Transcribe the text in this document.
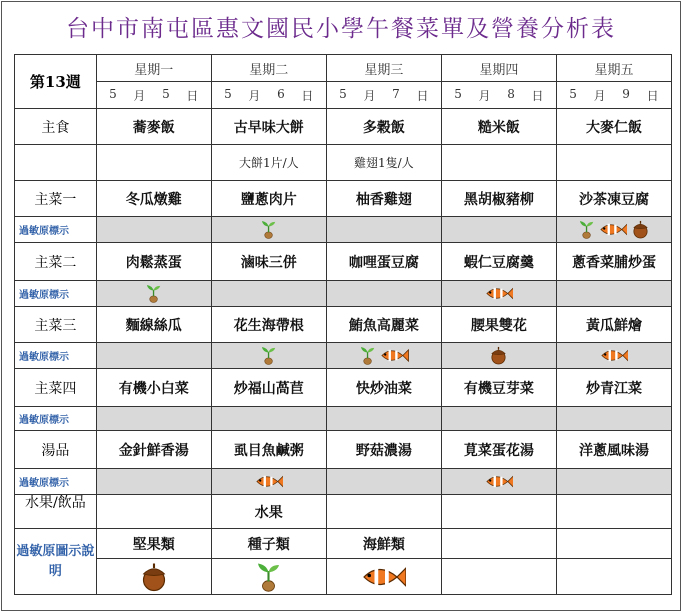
台中市南屯區惠文國民小學午餐菜單及營養分析表
第13週	星期一	星期二	星期三	星期四	星期五

	5 月 5 日	5 月 6 日	5 月 7 日	5 月 8 日	5 月 9 日

主食	蕎麥飯	古早味大餅	多穀飯	糙米飯	大麥仁飯
		大餅1片/人	雞翅1隻/人		
主菜一	冬瓜燉雞	鹽蔥肉片	柚香雞翅	黑胡椒豬柳	沙茶凍豆腐
過敏原標示	

主菜二	肉鬆蒸蛋	滷味三併	咖哩蛋豆腐	蝦仁豆腐羹	蔥香菜脯炒蛋
過敏原標示	

主菜三	麵線絲瓜	花生海帶根	鮪魚高麗菜	腰果雙花	黃瓜鮮燴
過敏原標示	

主菜四	有機小白菜	炒福山萵苣	快炒油菜	有機豆芽菜	炒青江菜
過敏原標示	

湯品	金針鮮香湯	虱目魚鹹粥	野菇濃湯	莧菜蛋花湯	洋蔥風味湯
過敏原標示	

水果/飲品		水果			
過敏原圖示說明	堅果類	種子類	海鮮類		
